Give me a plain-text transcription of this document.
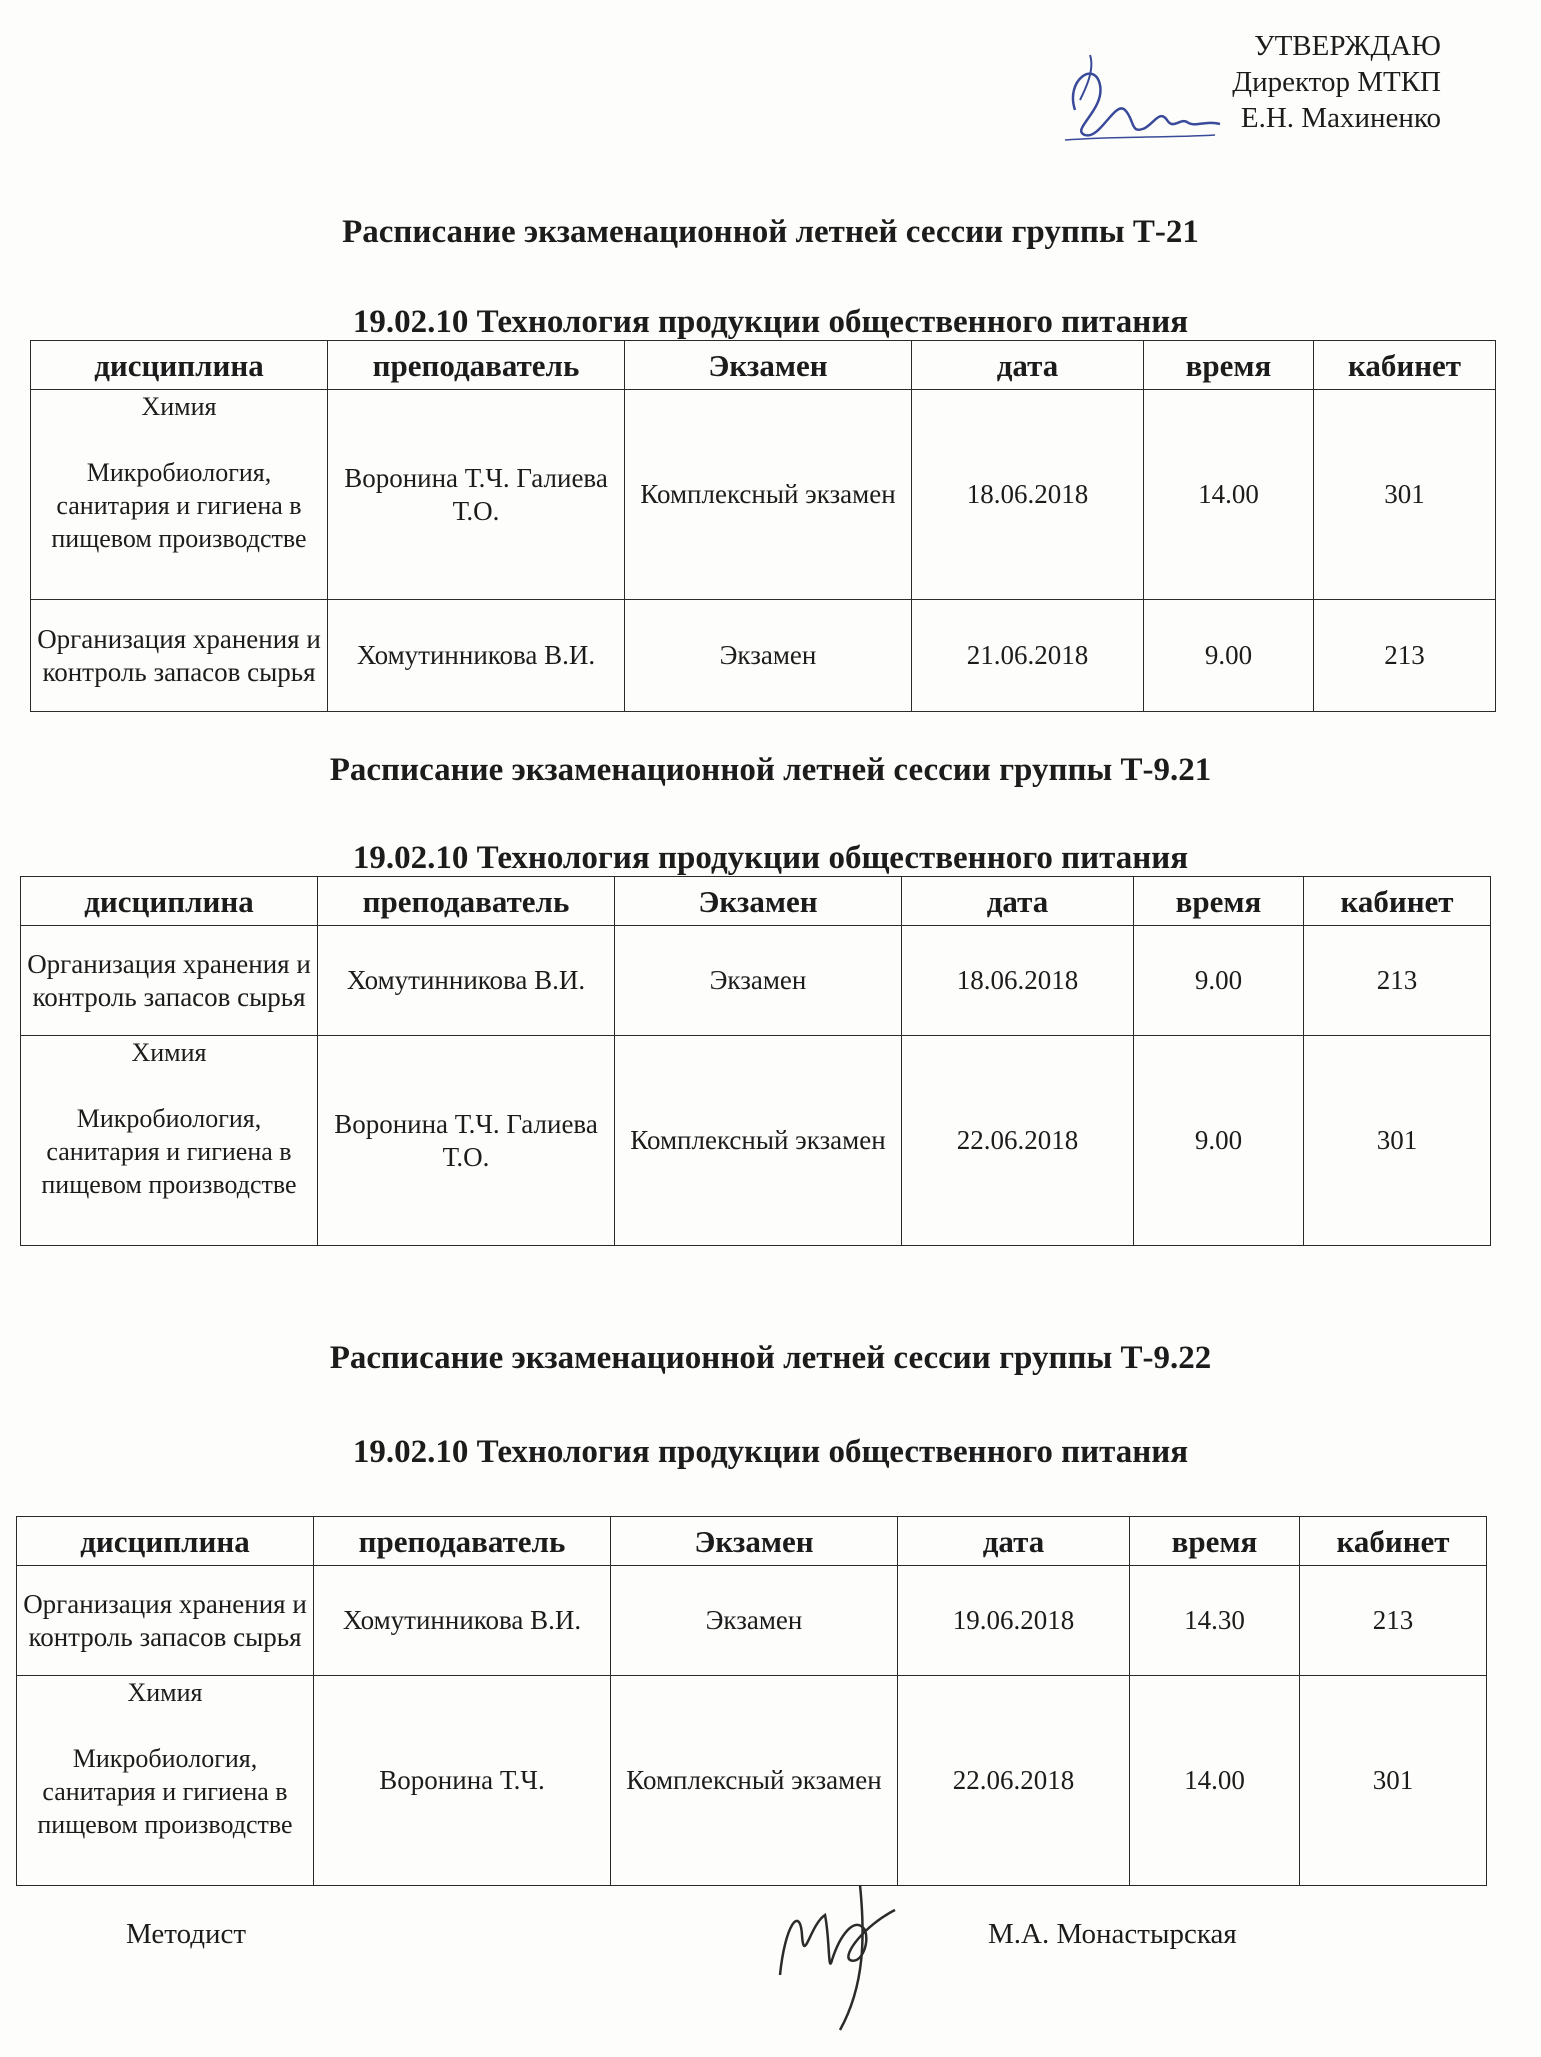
УТВЕРЖДАЮ
Директор МТКП
Е.Н. Махиненко
Расписание экзаменационной летней сессии группы Т-21
19.02.10 Технология продукции общественного питания
дисциплина	преподаватель	Экзамен	дата	время	кабинет

Химия
Микробиология, санитария и гигиена в пищевом производстве	Воронина Т.Ч. Галиева Т.О.	Комплексный экзамен	18.06.2018	14.00	301
Организация хранения и контроль запасов сырья	Хомутинникова В.И.	Экзамен	21.06.2018	9.00	213
Расписание экзаменационной летней сессии группы Т-9.21
19.02.10 Технология продукции общественного питания
дисциплина	преподаватель	Экзамен	дата	время	кабинет
Организация хранения и контроль запасов сырья	Хомутинникова В.И.	Экзамен	18.06.2018	9.00	213

Химия
Микробиология, санитария и гигиена в пищевом производстве	Воронина Т.Ч. Галиева Т.О.	Комплексный экзамен	22.06.2018	9.00	301
Расписание экзаменационной летней сессии группы Т-9.22
19.02.10 Технология продукции общественного питания
дисциплина	преподаватель	Экзамен	дата	время	кабинет
Организация хранения и контроль запасов сырья	Хомутинникова В.И.	Экзамен	19.06.2018	14.30	213

Химия
Микробиология, санитария и гигиена в пищевом производстве	Воронина Т.Ч.	Комплексный экзамен	22.06.2018	14.00	301
Методист	М.А. Монастырская
